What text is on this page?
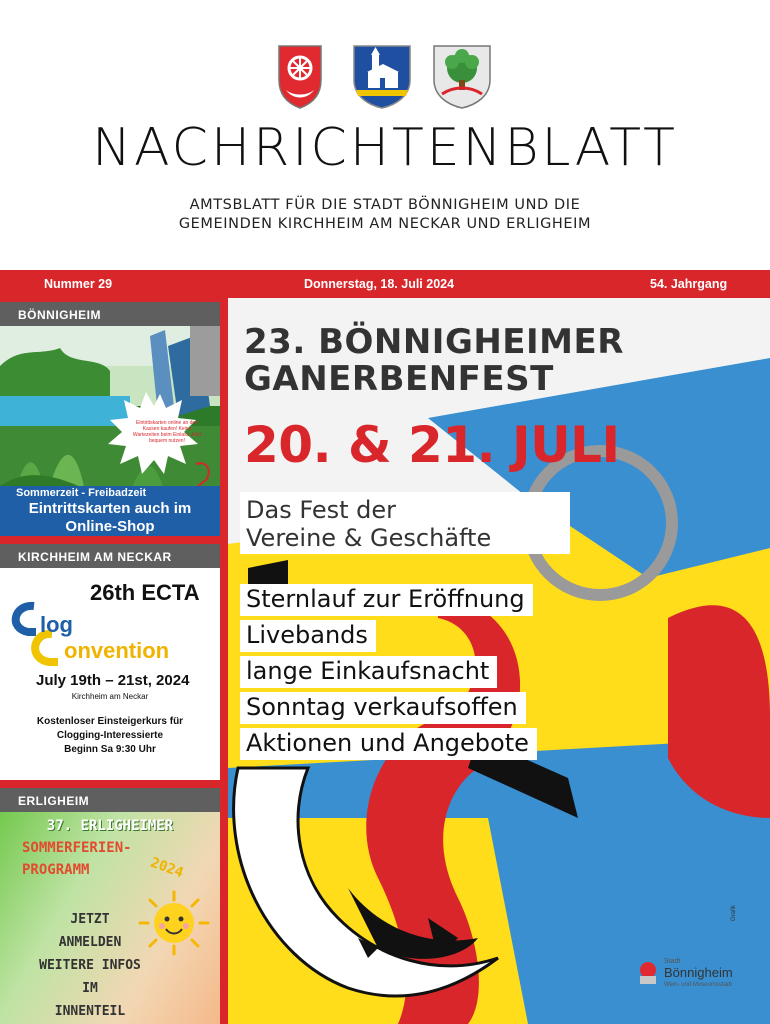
NACHRICHTENBLATT
AMTSBLATT FÜR DIE STADT BÖNNIGHEIM UND DIE
GEMEINDEN KIRCHHEIM AM NECKAR UND ERLIGHEIM
Nummer 29	Donnerstag, 18. Juli 2024	54. Jahrgang
BÖNNIGHEIM
Eintrittskarten online an den Kassen kaufen! Keine Wartezeiten beim Einlass Jetzt bequem nutzen!
Sommerzeit - Freibadzeit
Eintrittskarten auch im
Online-Shop
KIRCHHEIM AM NECKAR
26th ECTA
log
onvention
July 19th – 21st, 2024
Kirchheim am Neckar
Kostenloser Einsteigerkurs für
Clogging-Interessierte
Beginn Sa 9:30 Uhr
ERLIGHEIM
37. ERLIGHEIMER
SOMMERFERIEN-
PROGRAMM	2024
JETZT
ANMELDEN
WEITERE INFOS
IM
INNENTEIL
23. BÖNNIGHEIMER
GANERBENFEST
20. & 21. JULI
Das Fest der
Vereine & Geschäfte
Sternlauf zur Eröffnung
Livebands
lange Einkaufsnacht
Sonntag verkaufsoffen
Aktionen und Angebote
Grafik
Stadt
Bönnigheim
Wein- und Museumsstadt
